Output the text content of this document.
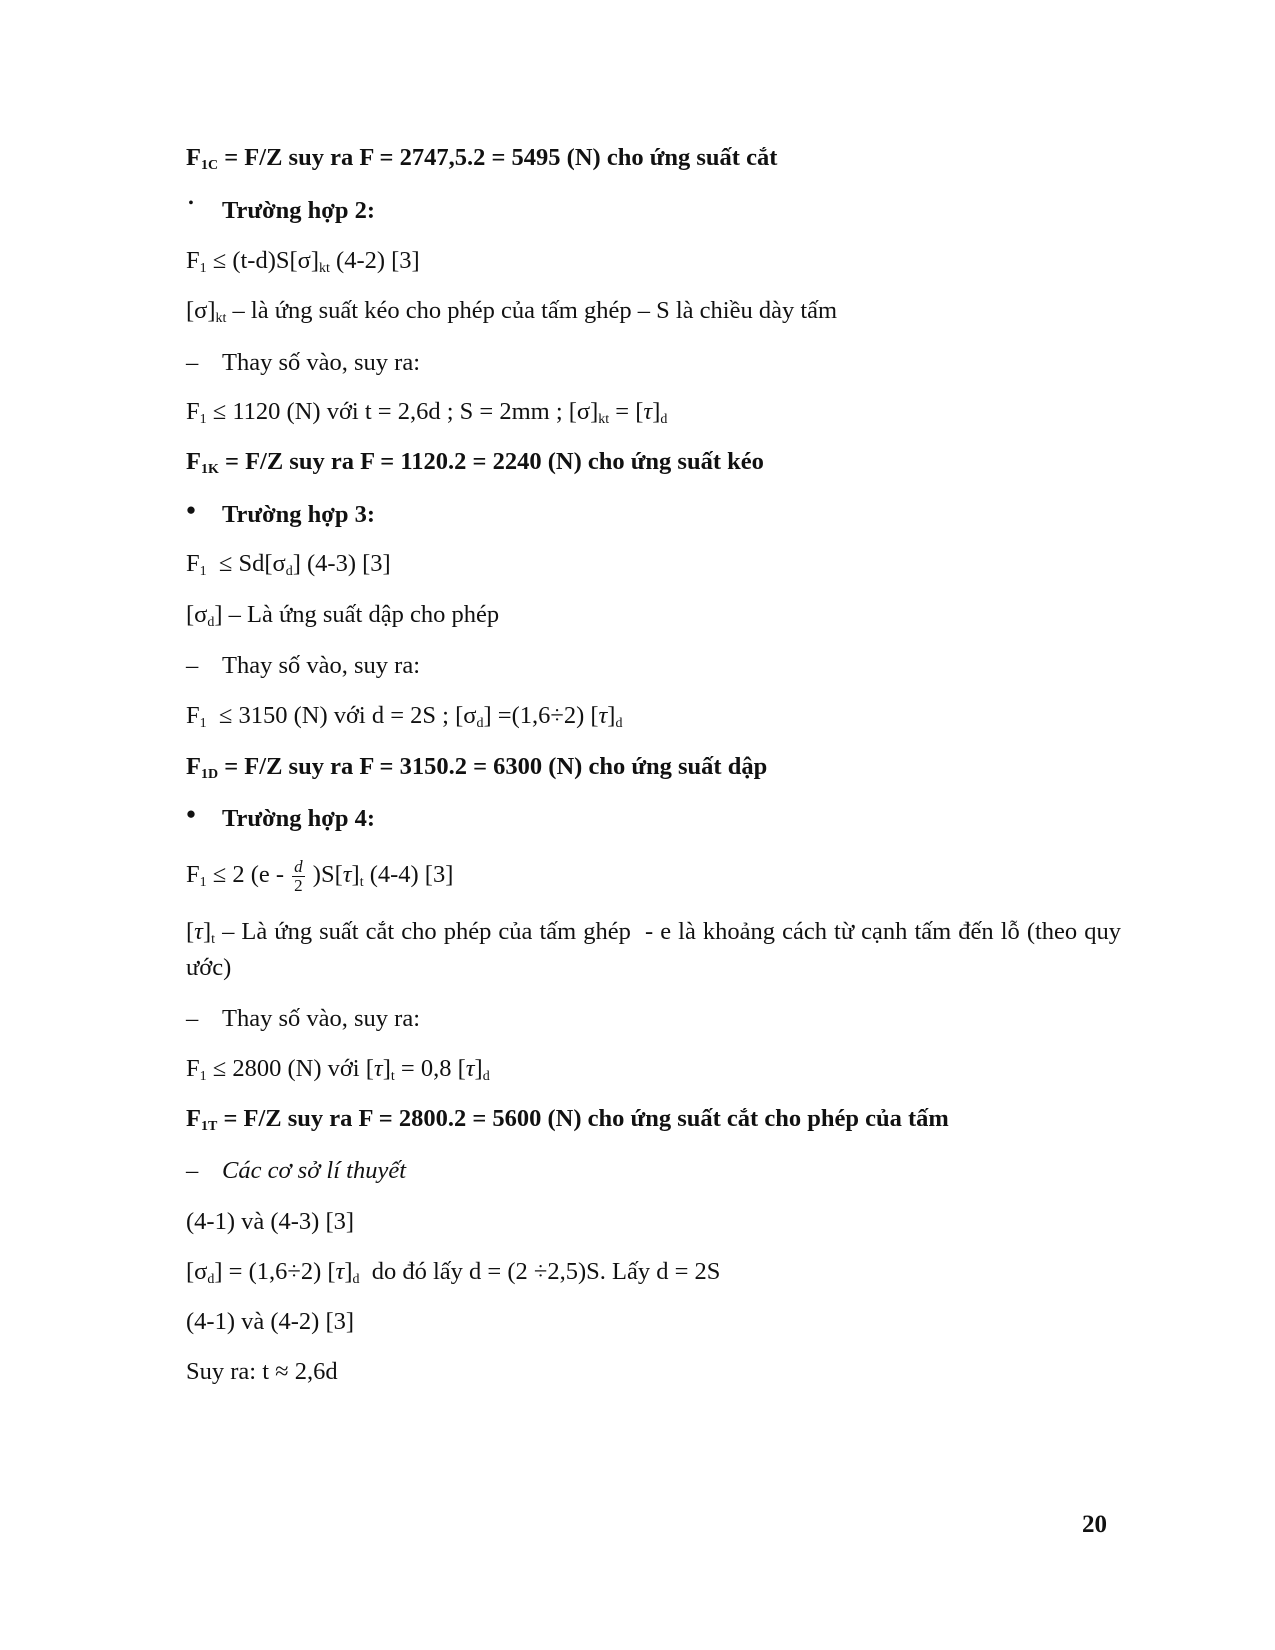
$F_{1C} = F/Z$ suy ra F = 2747,5.2 = 5495 (N) cho ứng suất cắt
• Trường hợp 2:
$F_1 \le (t-d)S[\sigma]_{kt}$ (4-2) [3]
$[\sigma]_{kt}$ – là ứng suất kéo cho phép của tấm ghép – S là chiều dày tấm
– Thay số vào, suy ra:
$F_1 \le 1120$ (N) với t = 2,6d ; S = 2mm ; $[\sigma]_{kt} = [\tau]_d$
$F_{1K} = F/Z$ suy ra F = 1120.2 = 2240 (N) cho ứng suất kéo
● Trường hợp 3:
$F_1 \le Sd[\sigma_d]$ (4-3) [3]
$[\sigma_d]$ – Là ứng suất dập cho phép
– Thay số vào, suy ra:
$F_1 \le 3150$ (N) với d = 2S ; $[\sigma_d] =(1,6\div 2)$ $[\tau]_d$
$F_{1D} = F/Z$ suy ra F = 3150.2 = 6300 (N) cho ứng suất dập
● Trường hợp 4:
$F_1 \le 2$ $(e - \frac{d}{2} )S[\tau]_t$ (4-4) [3]
$[\tau]_t$ – Là ứng suất cắt cho phép của tấm ghép  - e là khoảng cách từ cạnh tấm đến lỗ (theo quy ước)
– Thay số vào, suy ra:
$F_1 \le 2800$ (N) với $[\tau]_t = 0,8$ $[\tau]_d$
$F_{1T} = F/Z$ suy ra F = 2800.2 = 5600 (N) cho ứng suất cắt cho phép của tấm
– Các cơ sở lí thuyết
(4-1) và (4-3) [3]
$[\sigma_d] = (1,6\div 2)$ $[\tau]_d$  do đó lấy d = (2 ÷2,5)S. Lấy d = 2S
(4-1) và (4-2) [3]
Suy ra: t ≈ 2,6d
20
